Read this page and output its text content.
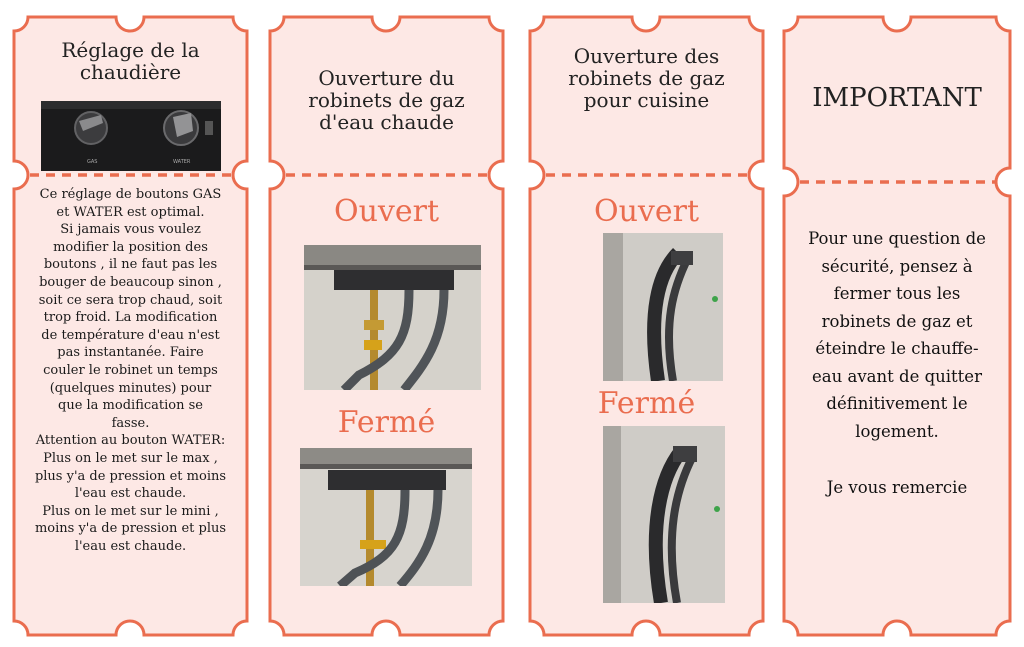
Réglage de la chaudière
GAS	WATER
Ce réglage de boutons GAS
et WATER est optimal.
Si jamais vous voulez
modifier la position des
boutons , il ne faut pas les
bouger de beaucoup sinon ,
soit ce sera trop chaud, soit
trop froid. La modification
de température d'eau n'est
pas instantanée. Faire
couler le robinet un temps
(quelques minutes) pour
que la modification se
fasse.
Attention au bouton WATER:
Plus on le met sur le max ,
plus y'a de pression et moins
l'eau est chaude.
Plus on le met sur le mini ,
moins y'a de pression et plus
l'eau est chaude.
Ouverture du robinets de gaz d'eau chaude
Ouvert
Fermé
Ouverture des robinets de gaz pour cuisine
Ouvert
Fermé
IMPORTANT
Pour une question de
sécurité, pensez à
fermer tous les
robinets de gaz et
éteindre le chauffe-
eau avant de quitter
définitivement le
logement.
Je vous remercie
